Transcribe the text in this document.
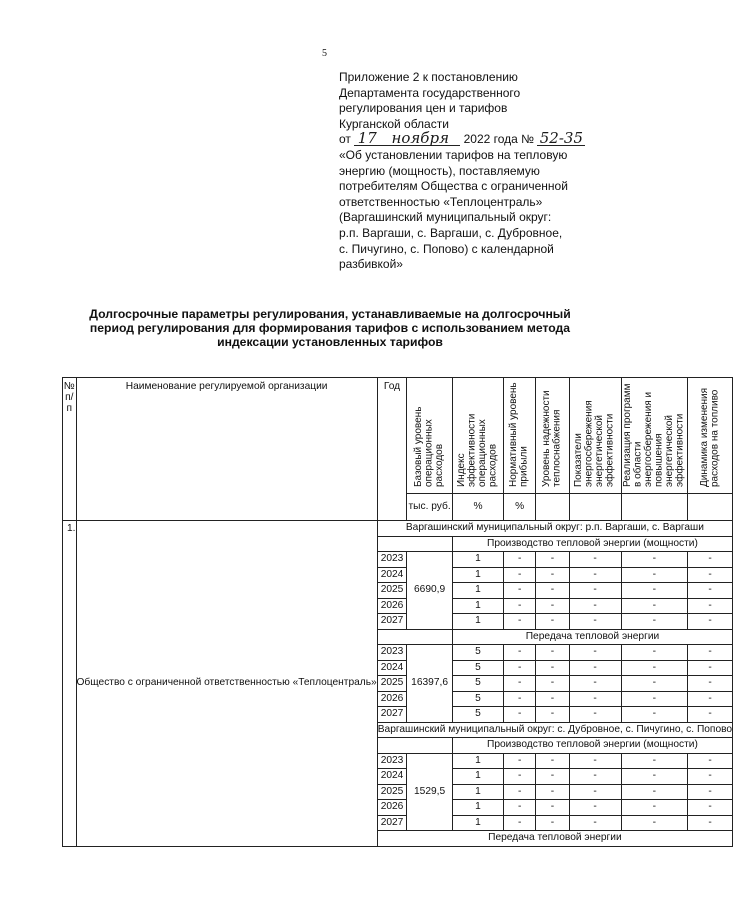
5
Приложение 2 к постановлению
Департамента государственного
регулирования цен и тарифов
Курганской области
от 17 ноября 2022 года № 52-35
«Об установлении тарифов на тепловую
энергию (мощность), поставляемую
потребителям Общества с ограниченной
ответственностью «Теплоцентраль»
(Варгашинский муниципальный округ:
р.п. Варгаши, с. Варгаши, с. Дубровное,
с. Пичугино, с. Попово) с календарной
разбивкой»
Долгосрочные параметры регулирования, устанавливаемые на долгосрочный
период регулирования для формирования тарифов с использованием метода
индексации установленных тарифов
№ п/п	Наименование регулируемой организации	Год	Базовый уровень операционных расходов	Индекс эффективности операционных расходов	Нормативный уровень прибыли	Уровень надежности теплоснабжения	Показатели энергосбережения энергетической эффективности	Реализация программ в области энергосбережения и повышения энергетической эффективности	Динамика изменения расходов на топливо
			тыс. руб.	%	%				
1.	Общество с ограниченной ответственностью «Теплоцентраль»	Варгашинский муниципальный округ: р.п. Варгаши, с. Варгаши							
				Производство тепловой энергии (мощности)					
		2023	6690,9	1	-	-	-	-	-
		2024		1	-	-	-	-	-
		2025		1	-	-	-	-	-
		2026		1	-	-	-	-	-
		2027		1	-	-	-	-	-
				Передача тепловой энергии					
		2023	16397,6	5	-	-	-	-	-
		2024		5	-	-	-	-	-
		2025		5	-	-	-	-	-
		2026		5	-	-	-	-	-
		2027		5	-	-	-	-	-
		Варгашинский муниципальный округ: с. Дубровное, с. Пичугино, с. Попово							
				Производство тепловой энергии (мощности)					
		2023	1529,5	1	-	-	-	-	-
		2024		1	-	-	-	-	-
		2025		1	-	-	-	-	-
		2026		1	-	-	-	-	-
		2027		1	-	-	-	-	-
		Передача тепловой энергии							
